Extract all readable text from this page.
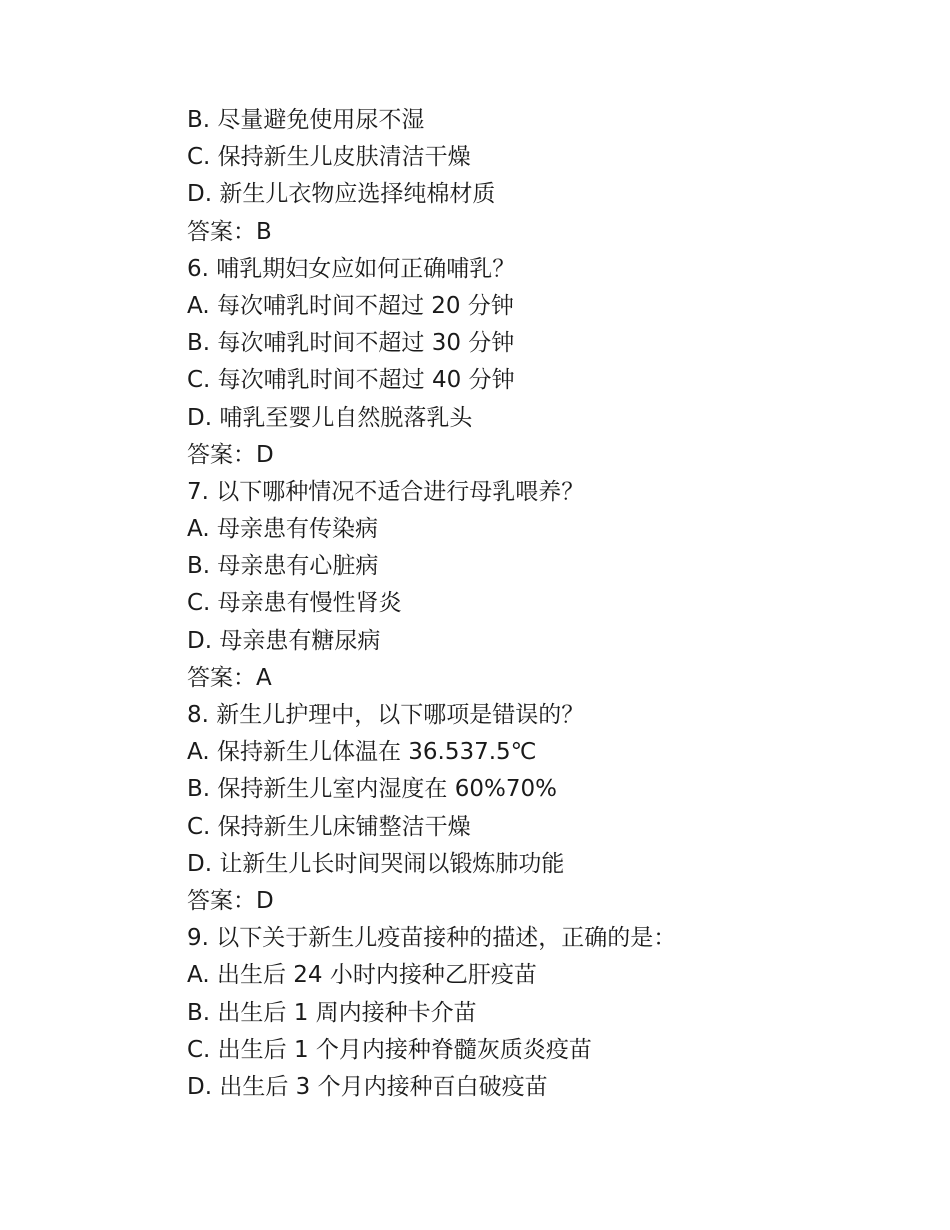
B. 尽量避免使用尿不湿
C. 保持新生儿皮肤清洁干燥
D. 新生儿衣物应选择纯棉材质
答案：B
6. 哺乳期妇女应如何正确哺乳？
A. 每次哺乳时间不超过 20 分钟
B. 每次哺乳时间不超过 30 分钟
C. 每次哺乳时间不超过 40 分钟
D. 哺乳至婴儿自然脱落乳头
答案：D
7. 以下哪种情况不适合进行母乳喂养？
A. 母亲患有传染病
B. 母亲患有心脏病
C. 母亲患有慢性肾炎
D. 母亲患有糖尿病
答案：A
8. 新生儿护理中，以下哪项是错误的？
A. 保持新生儿体温在 36.537.5℃
B. 保持新生儿室内湿度在 60%70%
C. 保持新生儿床铺整洁干燥
D. 让新生儿长时间哭闹以锻炼肺功能
答案：D
9. 以下关于新生儿疫苗接种的描述，正确的是：
A. 出生后 24 小时内接种乙肝疫苗
B. 出生后 1 周内接种卡介苗
C. 出生后 1 个月内接种脊髓灰质炎疫苗
D. 出生后 3 个月内接种百白破疫苗
